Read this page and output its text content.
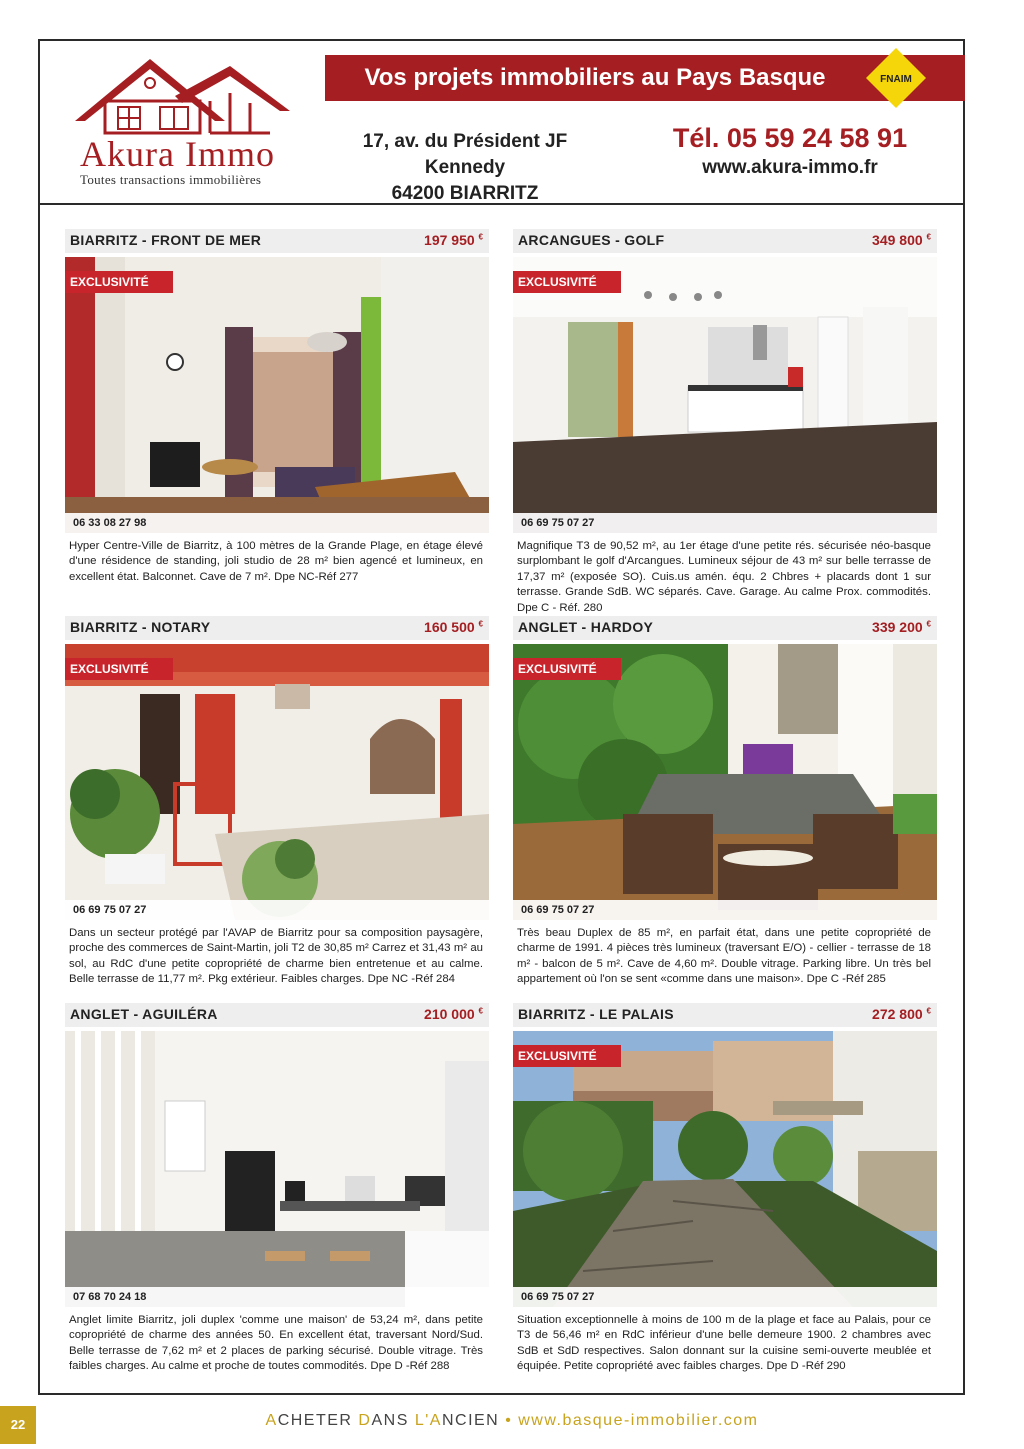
Akura Immo
Toutes transactions immobilières
Vos projets immobiliers au Pays Basque	FNAIM
17, av. du Président JF Kennedy
64200 BIARRITZ
Tél. 05 59 24 58 91
www.akura-immo.fr
BIARRITZ - FRONT DE MER	197 950 €
EXCLUSIVITÉ
06 33 08 27 98
Hyper Centre-Ville de Biarritz, à 100 mètres de la Grande Plage, en étage élevé d'une résidence de standing, joli studio de 28 m² bien agencé et lumineux, en excellent état. Balconnet. Cave de 7 m². Dpe NC-Réf 277
ARCANGUES - GOLF	349 800 €
EXCLUSIVITÉ
06 69 75 07 27
Magnifique T3 de 90,52 m², au 1er étage d'une petite rés. sécurisée néo-basque surplombant le golf d'Arcangues. Lumineux séjour de 43 m² sur belle terrasse de 17,37 m² (exposée SO). Cuis.us amén. équ. 2 Chbres + placards dont 1 sur terrasse. Grande SdB. WC séparés. Cave. Garage. Au calme Prox. commodités. Dpe C - Réf. 280
BIARRITZ - NOTARY	160 500 €
EXCLUSIVITÉ
06 69 75 07 27
Dans un secteur protégé par l'AVAP de Biarritz pour sa composition paysagère, proche des commerces de Saint-Martin, joli T2 de 30,85 m² Carrez et 31,43 m² au sol, au RdC d'une petite copropriété de charme bien entretenue et au calme. Belle terrasse de 11,77 m². Pkg extérieur. Faibles charges. Dpe NC -Réf 284
ANGLET - HARDOY	339 200 €
EXCLUSIVITÉ
06 69 75 07 27
Très beau Duplex de 85 m², en parfait état, dans une petite copropriété de charme de 1991. 4 pièces très lumineux (traversant E/O) - cellier - terrasse de 18 m² - balcon de 5 m². Cave de 4,60 m². Double vitrage. Parking libre. Un très bel appartement où l'on se sent «comme dans une maison». Dpe C -Réf 285
ANGLET - AGUILÉRA	210 000 €
07 68 70 24 18
Anglet limite Biarritz, joli duplex 'comme une maison' de 53,24 m², dans petite copropriété de charme des années 50. En excellent état, traversant Nord/Sud. Belle terrasse de 7,62 m² et 2 places de parking sécurisé. Double vitrage. Très faibles charges. Au calme et proche de toutes commodités. Dpe D -Réf 288
BIARRITZ - LE PALAIS	272 800 €
EXCLUSIVITÉ
06 69 75 07 27
Situation exceptionnelle à moins de 100 m de la plage et face au Palais, pour ce T3 de 56,46 m² en RdC inférieur d'une belle demeure 1900. 2 chambres avec SdB et SdD respectives. Salon donnant sur la cuisine semi-ouverte meublée et équipée. Petite copropriété avec faibles charges. Dpe D -Réf 290
22	ACHETER DANS L'ANCIEN • www.basque-immobilier.com
